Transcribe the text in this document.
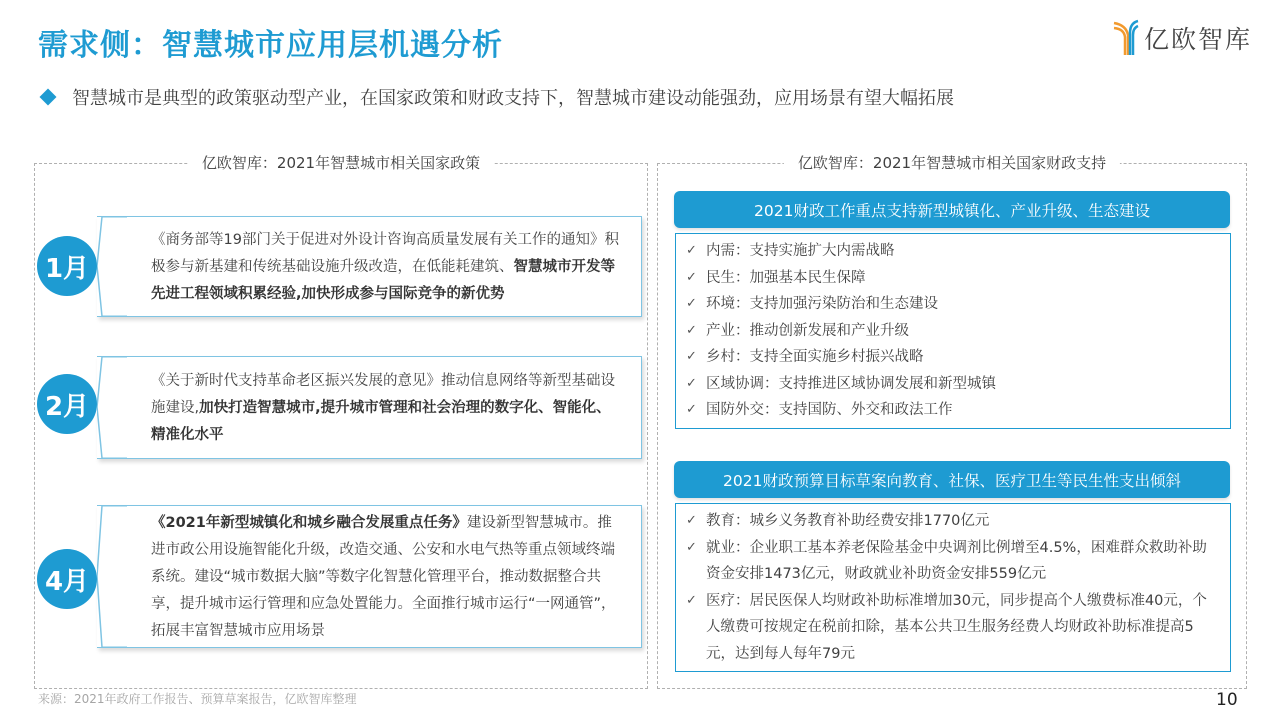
需求侧：智慧城市应用层机遇分析	亿欧智库
智慧城市是典型的政策驱动型产业，在国家政策和财政支持下，智慧城市建设动能强劲，应用场景有望大幅拓展
亿欧智库：2021年智慧城市相关国家政策
《商务部等19部门关于促进对外设计咨询高质量发展有关工作的通知》积极参与新基建和传统基础设施升级改造，在低能耗建筑、智慧城市开发等先进工程领域积累经验,加快形成参与国际竞争的新优势
1月
《关于新时代支持革命老区振兴发展的意见》推动信息网络等新型基础设施建设,加快打造智慧城市,提升城市管理和社会治理的数字化、智能化、精准化水平
2月
《2021年新型城镇化和城乡融合发展重点任务》建设新型智慧城市。推进市政公用设施智能化升级，改造交通、公安和水电气热等重点领域终端系统。建设“城市数据大脑”等数字化智慧化管理平台，推动数据整合共享，提升城市运行管理和应急处置能力。全面推行城市运行“一网通管”，拓展丰富智慧城市应用场景
4月
亿欧智库：2021年智慧城市相关国家财政支持
2021财政工作重点支持新型城镇化、产业升级、生态建设
✓ 内需：支持实施扩大内需战略
✓ 民生：加强基本民生保障
✓ 环境：支持加强污染防治和生态建设
✓ 产业：推动创新发展和产业升级
✓ 乡村：支持全面实施乡村振兴战略
✓ 区域协调：支持推进区域协调发展和新型城镇
✓ 国防外交：支持国防、外交和政法工作
2021财政预算目标草案向教育、社保、医疗卫生等民生性支出倾斜
✓ 教育：城乡义务教育补助经费安排1770亿元
✓ 就业：企业职工基本养老保险基金中央调剂比例增至4.5%，困难群众救助补助资金安排1473亿元，财政就业补助资金安排559亿元
✓ 医疗：居民医保人均财政补助标准增加30元，同步提高个人缴费标准40元，个人缴费可按规定在税前扣除，基本公共卫生服务经费人均财政补助标准提高5元，达到每人每年79元
来源：2021年政府工作报告、预算草案报告，亿欧智库整理	10
